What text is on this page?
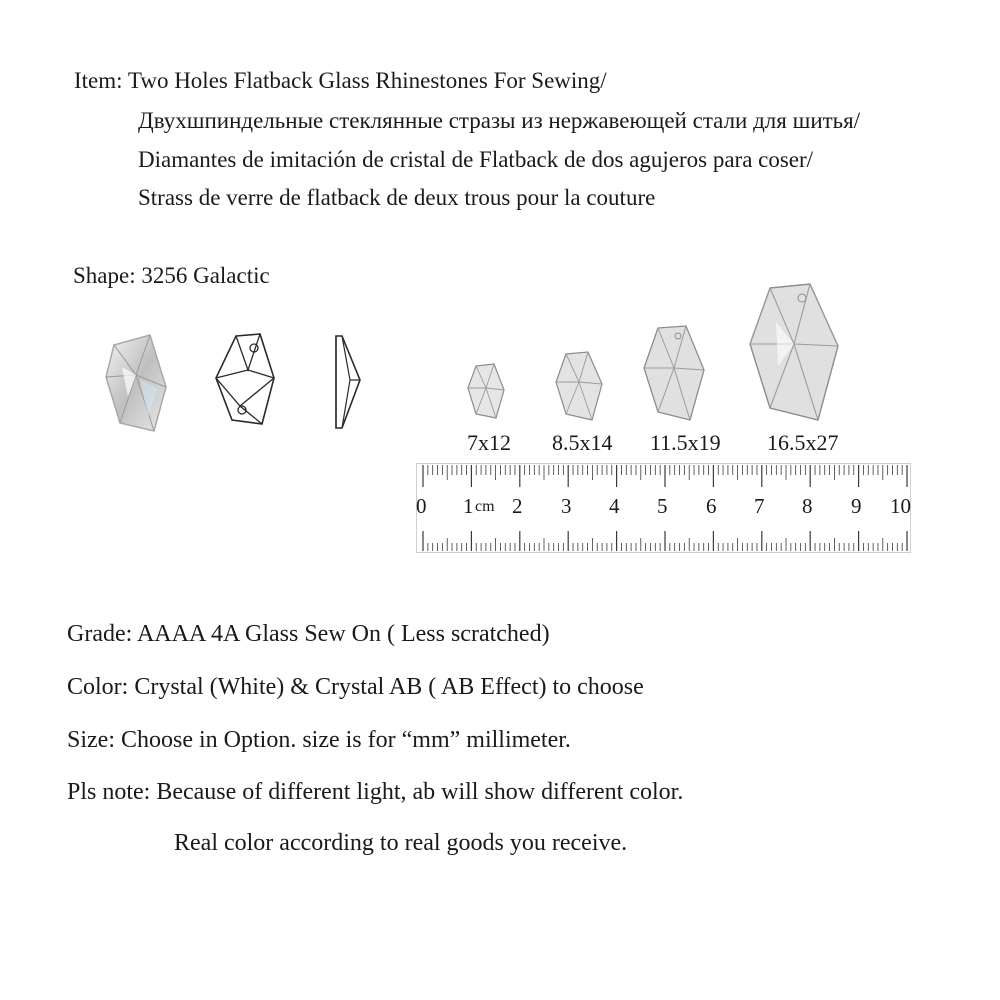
Item: Two Holes Flatback Glass Rhinestones For Sewing/
Двухшпиндельные стеклянные стразы из нержавеющей стали для шитья/
Diamantes de imitación de cristal de Flatback de dos agujeros para coser/
Strass de verre de flatback de deux trous pour la couture
Shape: 3256 Galactic
7x12 8.5x14 11.5x19 16.5x27
0 1 cm 2 3 4 5 6 7 8 9 10
Grade: AAAA 4A Glass Sew On ( Less scratched)
Color: Crystal (White) & Crystal AB ( AB Effect) to choose
Size: Choose in Option. size is for “mm” millimeter.
Pls note: Because of different light, ab will show different color.
Real color according to real goods you receive.
